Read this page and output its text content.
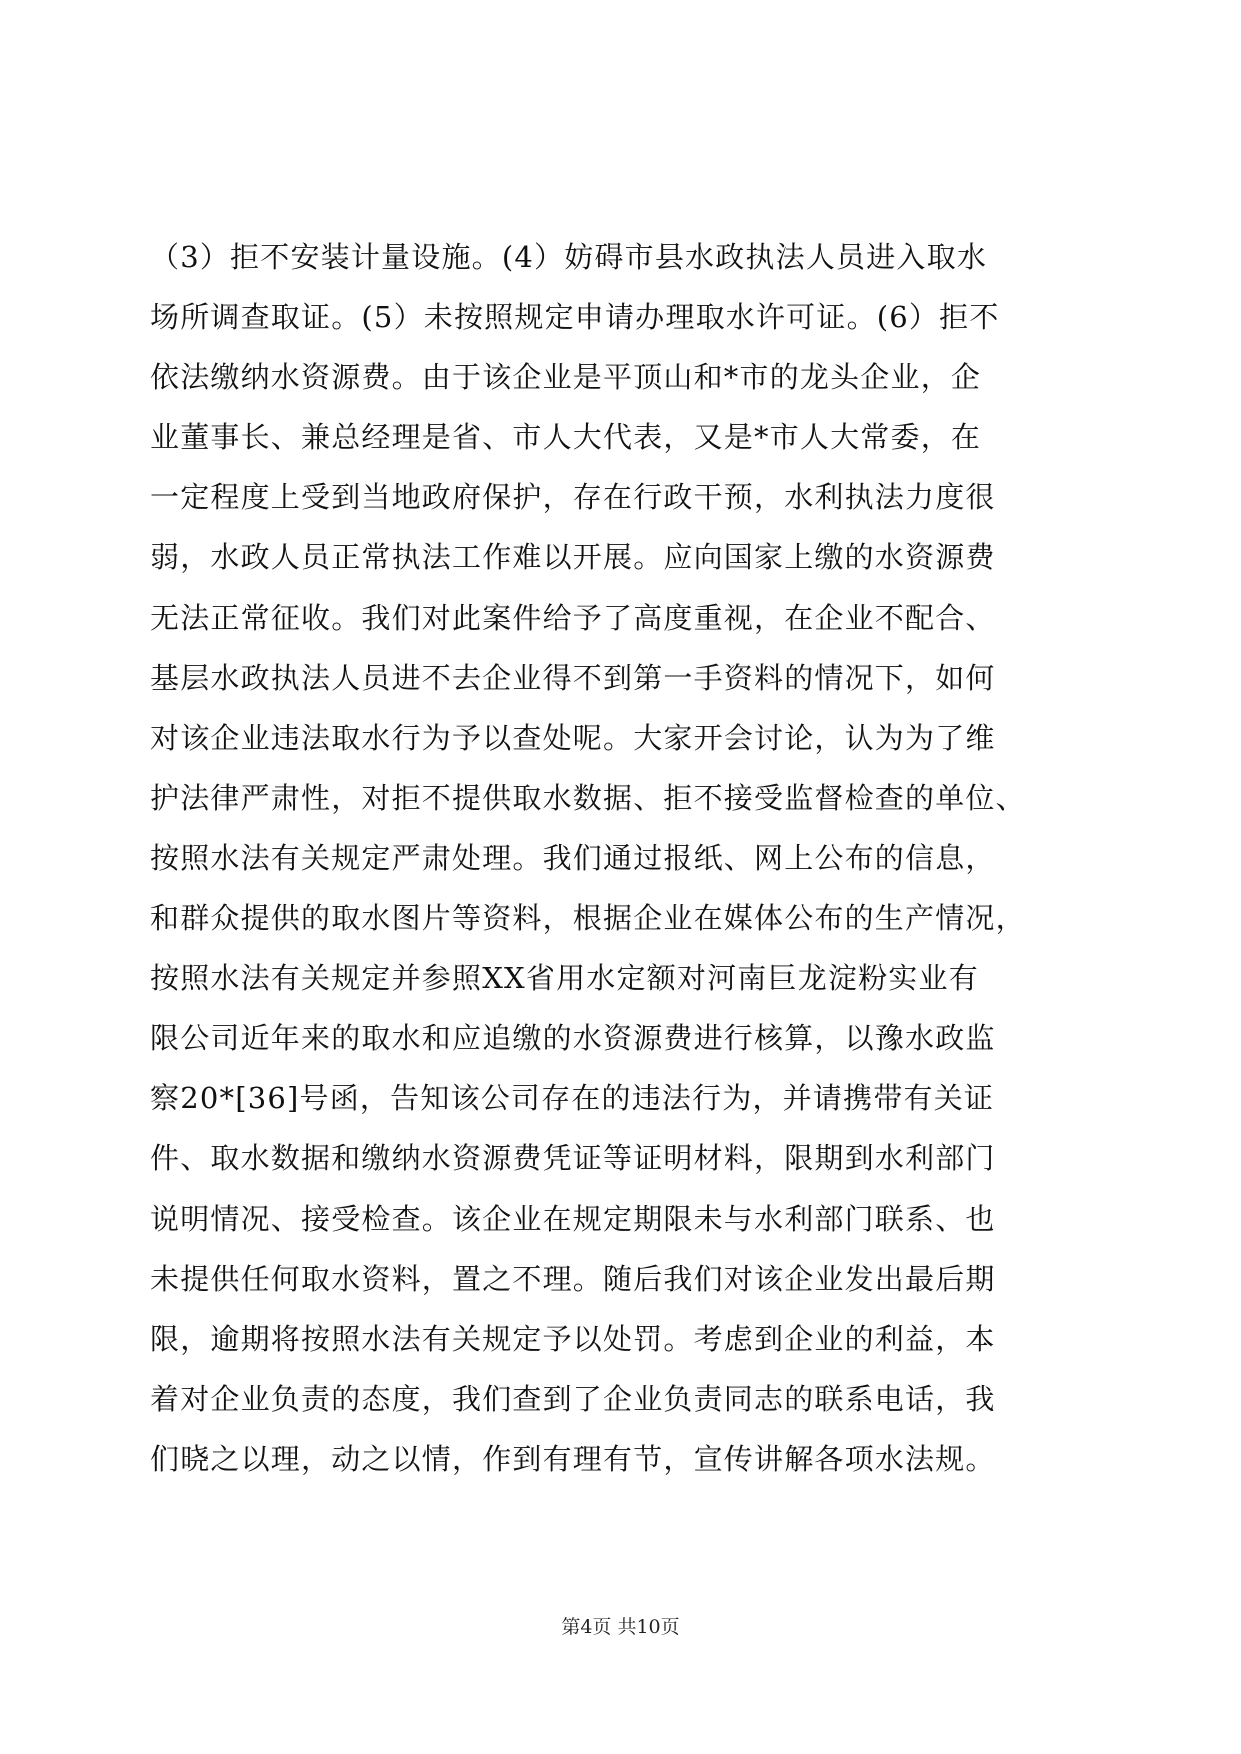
（3）拒不安装计量设施。(4）妨碍市县水政执法人员进入取水
场所调查取证。(5）未按照规定申请办理取水许可证。(6）拒不
依法缴纳水资源费。由于该企业是平顶山和*市的龙头企业，企
业董事长、兼总经理是省、市人大代表，又是*市人大常委，在
一定程度上受到当地政府保护，存在行政干预，水利执法力度很
弱，水政人员正常执法工作难以开展。应向国家上缴的水资源费
无法正常征收。我们对此案件给予了高度重视，在企业不配合、
基层水政执法人员进不去企业得不到第一手资料的情况下，如何
对该企业违法取水行为予以查处呢。大家开会讨论，认为为了维
护法律严肃性，对拒不提供取水数据、拒不接受监督检查的单位、
按照水法有关规定严肃处理。我们通过报纸、网上公布的信息，
和群众提供的取水图片等资料，根据企业在媒体公布的生产情况，
按照水法有关规定并参照XX省用水定额对河南巨龙淀粉实业有
限公司近年来的取水和应追缴的水资源费进行核算，以豫水政监
察20*[36]号函，告知该公司存在的违法行为，并请携带有关证
件、取水数据和缴纳水资源费凭证等证明材料，限期到水利部门
说明情况、接受检查。该企业在规定期限未与水利部门联系、也
未提供任何取水资料，置之不理。随后我们对该企业发出最后期
限，逾期将按照水法有关规定予以处罚。考虑到企业的利益，本
着对企业负责的态度，我们查到了企业负责同志的联系电话，我
们晓之以理，动之以情，作到有理有节，宣传讲解各项水法规。
第4页 共10页
